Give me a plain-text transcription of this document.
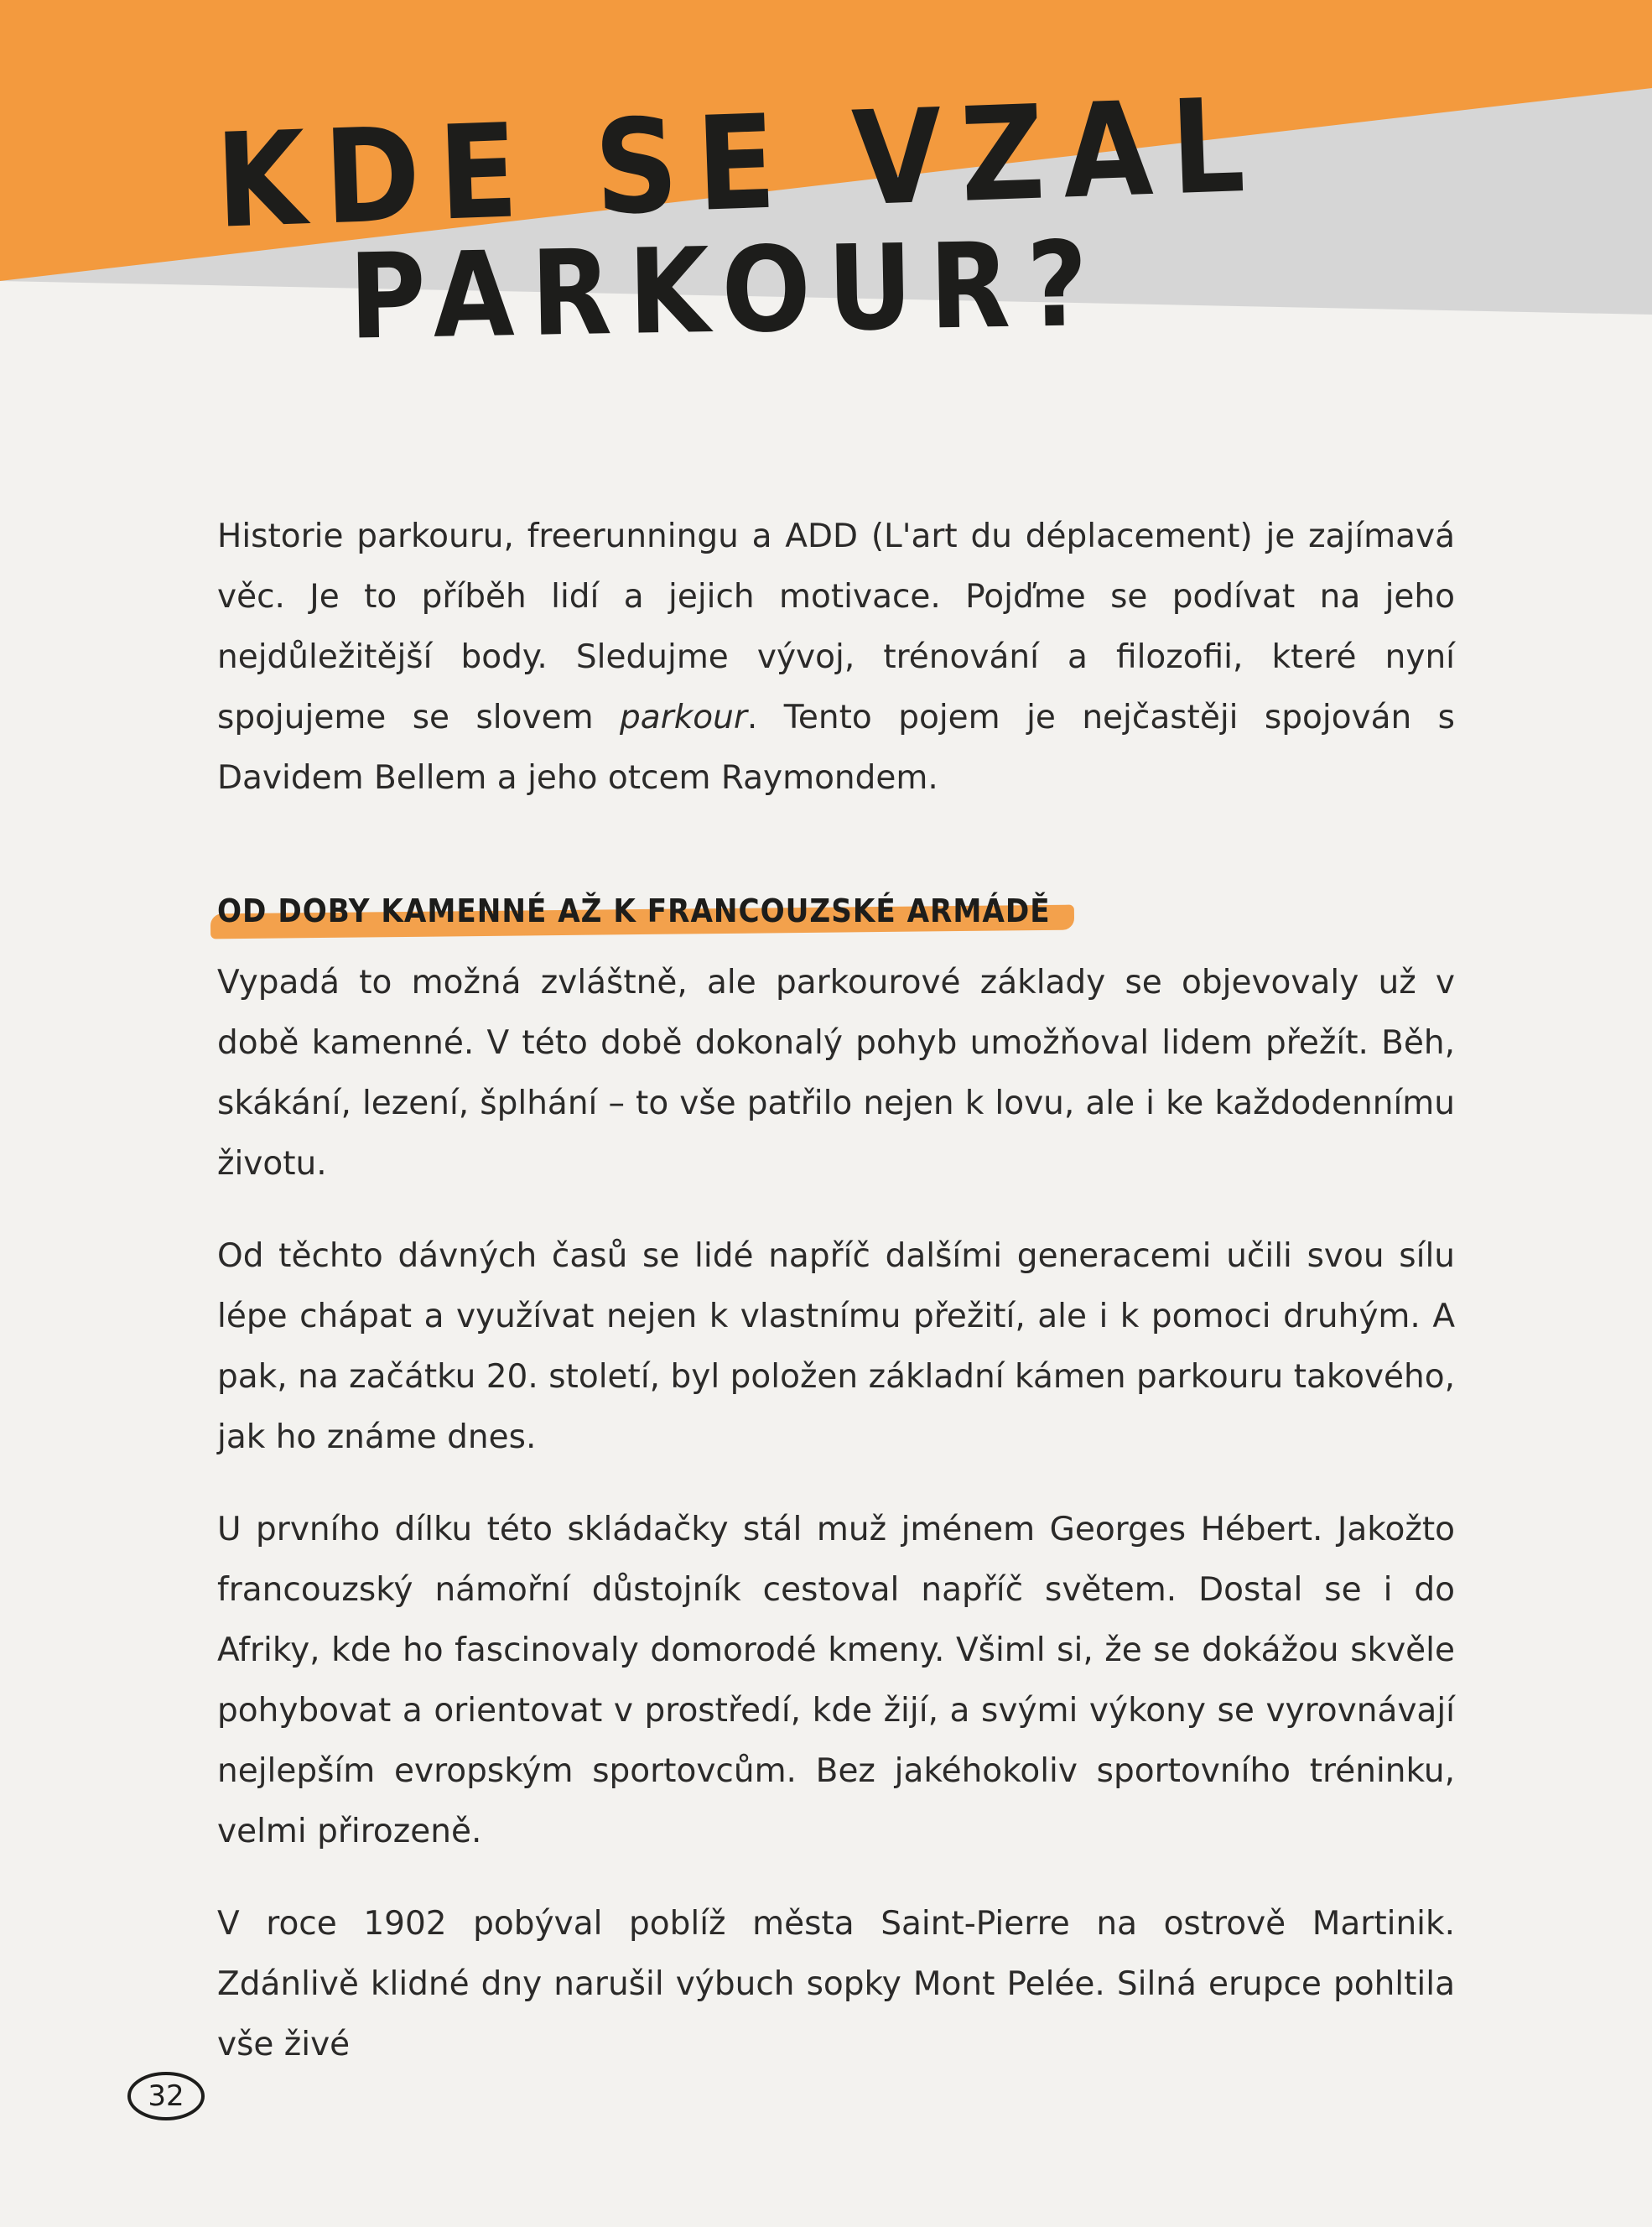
KDE SE VZAL
PARKOUR?

Historie parkouru, freerunningu a ADD (L'art du déplacement) je zajímavá věc. Je to příběh lidí a jejich motivace. Pojďme se podívat na jeho nejdůležitější body. Sledujme vývoj, trénování a filozofii, které nyní spojujeme se slovem parkour. Tento pojem je nejčastěji spojován s Davidem Bellem a jeho otcem Raymondem.

OD DOBY KAMENNÉ AŽ K FRANCOUZSKÉ ARMÁDĚ

Vypadá to možná zvláštně, ale parkourové základy se objevovaly už v době kamenné. V této době dokonalý pohyb umožňoval lidem přežít. Běh, skákání, lezení, šplhání – to vše patřilo nejen k lovu, ale i ke každodennímu životu.

Od těchto dávných časů se lidé napříč dalšími generacemi učili svou sílu lépe chápat a využívat nejen k vlastnímu přežití, ale i k pomoci druhým. A pak, na začátku 20. století, byl položen základní kámen parkouru takového, jak ho známe dnes.

U prvního dílku této skládačky stál muž jménem Georges Hébert. Jakožto francouzský námořní důstojník cestoval napříč světem. Dostal se i do Afriky, kde ho fascinovaly domorodé kmeny. Všiml si, že se dokážou skvěle pohybovat a orientovat v prostředí, kde žijí, a svými výkony se vyrovnávají nejlepším evropským sportovcům. Bez jakéhokoliv sportovního tréninku, velmi přirozeně.

V roce 1902 pobýval poblíž města Saint-Pierre na ostrově Martinik. Zdánlivě klidné dny narušil výbuch sopky Mont Pelée. Silná erupce pohltila vše živé

32
